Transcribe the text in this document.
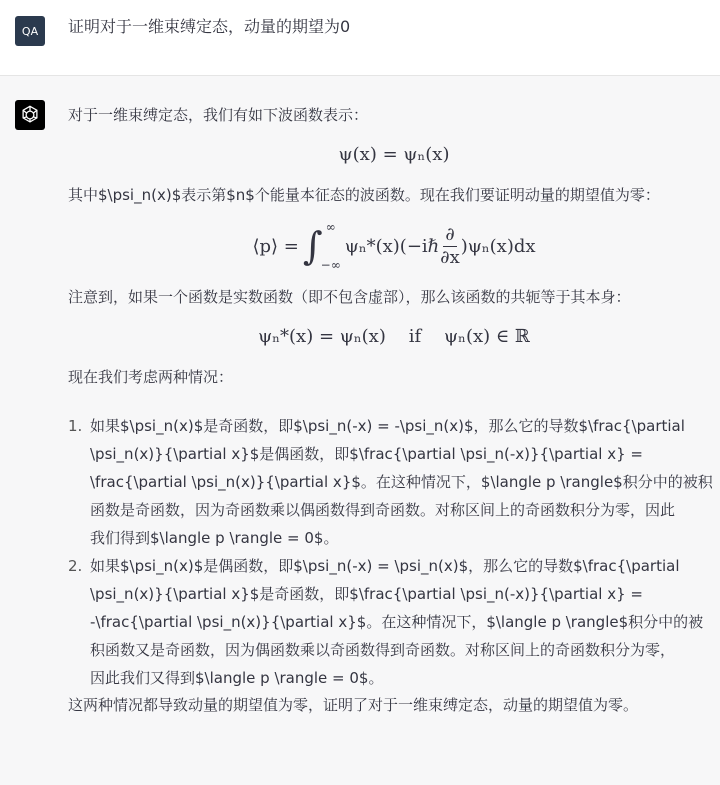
QA	证明对于一维束缚定态，动量的期望为0

对于一维束缚定态，我们有如下波函数表示：

ψ(x) = ψₙ(x)

其中$\psi_n(x)$表示第$n$个能量本征态的波函数。现在我们要证明动量的期望值为零：

⟨p⟩ = ∫ ∞
−∞
ψₙ*(x)(−iℏ $\frac{\partial}{\partial x} )\psi_n(x)dx$

注意到，如果一个函数是实数函数（即不包含虚部），那么该函数的共轭等于其本身：

ψₙ*(x) = ψₙ(x)    if    ψₙ(x) ∈ ℝ

现在我们考虑两种情况：

1. 如果$\psi_n(x)$是奇函数，即$\psi_n(-x) = -\psi_n(x)$，那么它的导数$\frac{\partial
\psi_n(x)}{\partial x}$是偶函数，即$\frac{\partial \psi_n(-x)}{\partial x} =
\frac{\partial \psi_n(x)}{\partial x}$。在这种情况下，$\langle p \rangle$积分中的被积
函数是奇函数，因为奇函数乘以偶函数得到奇函数。对称区间上的奇函数积分为零，因此
我们得到$\langle p \rangle = 0$。
2. 如果$\psi_n(x)$是偶函数，即$\psi_n(-x) = \psi_n(x)$，那么它的导数$\frac{\partial
\psi_n(x)}{\partial x}$是奇函数，即$\frac{\partial \psi_n(-x)}{\partial x} =
-\frac{\partial \psi_n(x)}{\partial x}$。在这种情况下，$\langle p \rangle$积分中的被
积函数又是奇函数，因为偶函数乘以奇函数得到奇函数。对称区间上的奇函数积分为零，
因此我们又得到$\langle p \rangle = 0$。

这两种情况都导致动量的期望值为零，证明了对于一维束缚定态，动量的期望值为零。
